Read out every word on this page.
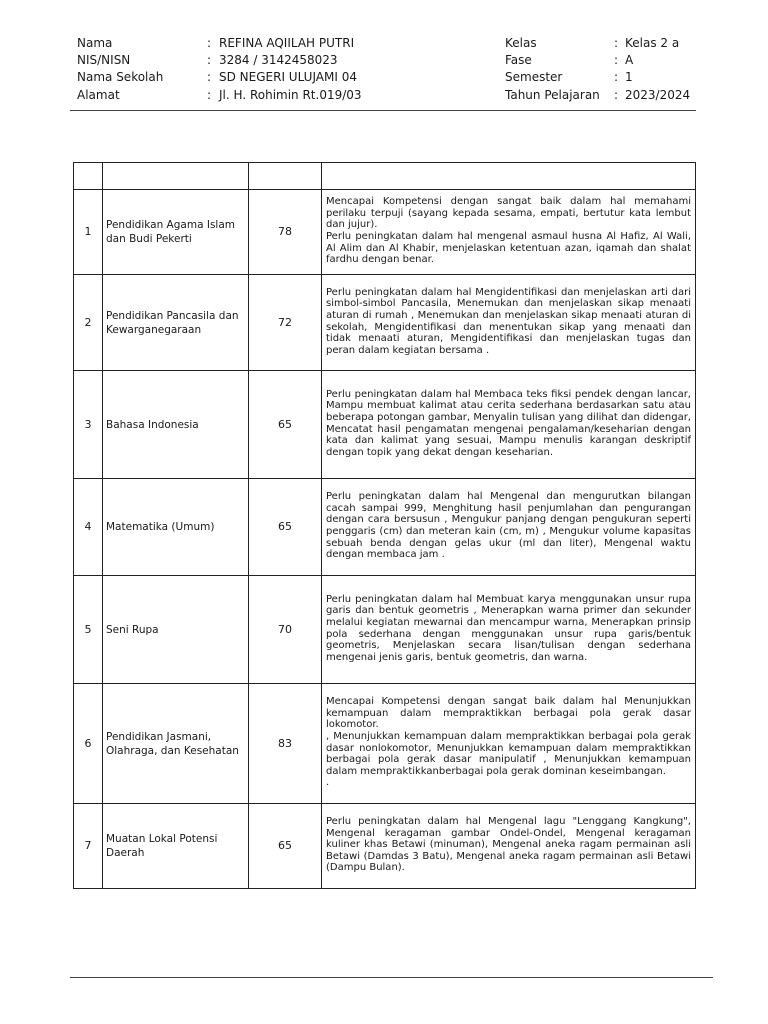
Nama	: REFINA AQIILAH PUTRI
NIS/NISN	: 3284 / 3142458023
Nama Sekolah	: SD NEGERI ULUJAMI 04
Alamat	: Jl. H. Rohimin Rt.019/03
Kelas	: Kelas 2 a
Fase	: A
Semester	: 1
Tahun Pelajaran : 2023/2024

1	Pendidikan Agama Islam dan Budi Pekerti	78	Mencapai Kompetensi dengan sangat baik dalam hal memahami perilaku terpuji (sayang kepada sesama, empati, bertutur kata lembut dan jujur).
Perlu peningkatan dalam hal mengenal asmaul husna Al Hafiz, Al Wali, Al Alim dan Al Khabir, menjelaskan ketentuan azan, iqamah dan shalat fardhu dengan benar.
2	Pendidikan Pancasila dan Kewarganegaraan	72	Perlu peningkatan dalam hal Mengidentifikasi dan menjelaskan arti dari simbol-simbol Pancasila, Menemukan dan menjelaskan sikap menaati aturan di rumah , Menemukan dan menjelaskan sikap menaati aturan di sekolah, Mengidentifikasi dan menentukan sikap yang menaati dan tidak menaati aturan, Mengidentifikasi dan menjelaskan tugas dan peran dalam kegiatan bersama .
3	Bahasa Indonesia	65	Perlu peningkatan dalam hal Membaca teks fiksi pendek dengan lancar, Mampu membuat kalimat atau cerita sederhana berdasarkan satu atau beberapa potongan gambar, Menyalin tulisan yang dilihat dan didengar, Mencatat hasil pengamatan mengenai pengalaman/keseharian dengan kata dan kalimat yang sesuai, Mampu menulis karangan deskriptif dengan topik yang dekat dengan keseharian.
4	Matematika (Umum)	65	Perlu peningkatan dalam hal Mengenal dan mengurutkan bilangan cacah sampai 999, Menghitung hasil penjumlahan dan pengurangan dengan cara bersusun , Mengukur panjang dengan pengukuran seperti penggaris (cm) dan meteran kain (cm, m) , Mengukur volume kapasitas sebuah benda dengan gelas ukur (ml dan liter), Mengenal waktu dengan membaca jam .
5	Seni Rupa	70	Perlu peningkatan dalam hal Membuat karya menggunakan unsur rupa garis dan bentuk geometris , Menerapkan warna primer dan sekunder melalui kegiatan mewarnai dan mencampur warna, Menerapkan prinsip pola sederhana dengan menggunakan unsur rupa garis/bentuk geometris, Menjelaskan secara lisan/tulisan dengan sederhana mengenai jenis garis, bentuk geometris, dan warna.
6	Pendidikan Jasmani, Olahraga, dan Kesehatan	83	Mencapai Kompetensi dengan sangat baik dalam hal Menunjukkan kemampuan dalam mempraktikkan berbagai pola gerak dasar lokomotor.
, Menunjukkan kemampuan dalam mempraktikkan berbagai pola gerak dasar nonlokomotor, Menunjukkan kemampuan dalam mempraktikkan berbagai pola gerak dasar manipulatif , Menunjukkan kemampuan dalam mempraktikkanberbagai pola gerak dominan keseimbangan.
.
7	Muatan Lokal Potensi Daerah	65	Perlu peningkatan dalam hal Mengenal lagu "Lenggang Kangkung", Mengenal keragaman gambar Ondel-Ondel, Mengenal keragaman kuliner khas Betawi (minuman), Mengenal aneka ragam permainan asli Betawi (Damdas 3 Batu), Mengenal aneka ragam permainan asli Betawi (Dampu Bulan).
